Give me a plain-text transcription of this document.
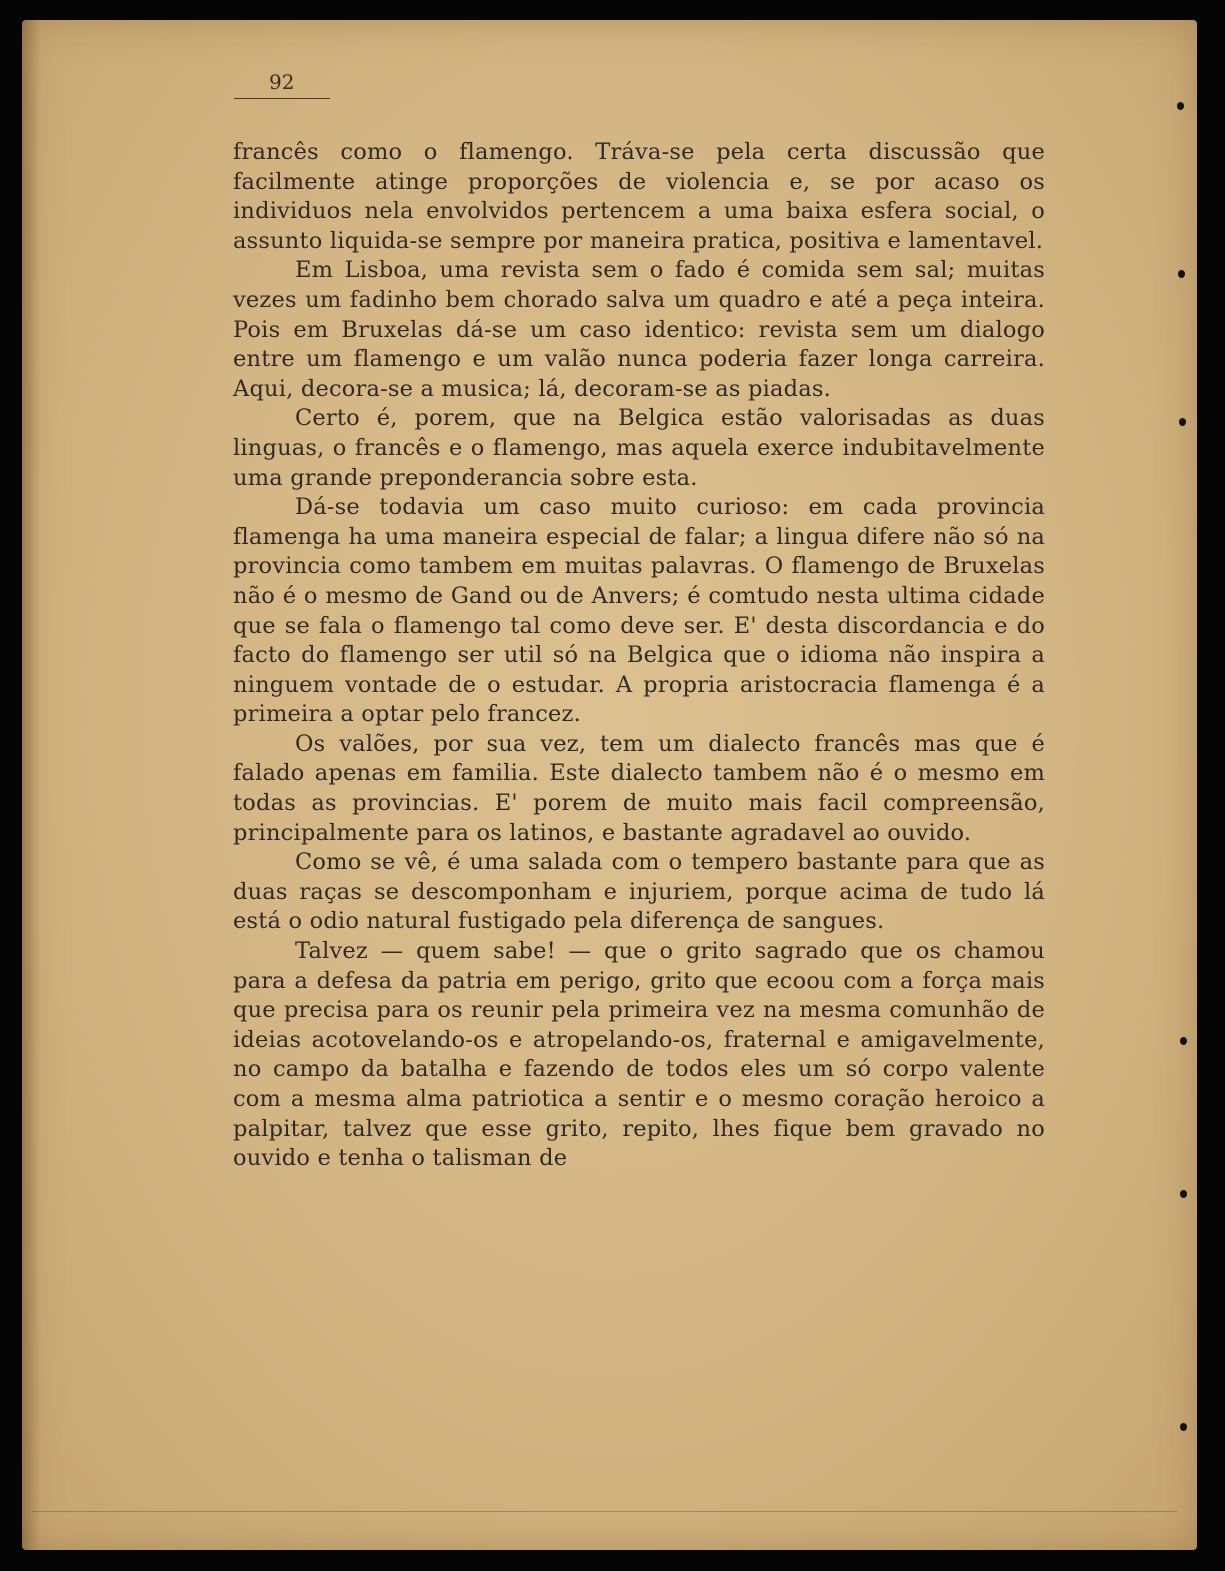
92

francês como o flamengo. Tráva-se pela certa discussão que facilmente atinge proporções de violencia e, se por acaso os individuos nela envolvidos pertencem a uma baixa esfera social, o assunto liquida-se sempre por maneira pratica, positiva e lamentavel.

Em Lisboa, uma revista sem o fado é comida sem sal; muitas vezes um fadinho bem chorado salva um quadro e até a peça inteira. Pois em Bruxelas dá-se um caso identico: revista sem um dialogo entre um flamengo e um valão nunca poderia fazer longa carreira. Aqui, decora-se a musica; lá, decoram-se as piadas.

Certo é, porem, que na Belgica estão valorisadas as duas linguas, o francês e o flamengo, mas aquela exerce indubitavelmente uma grande preponderancia sobre esta.

Dá-se todavia um caso muito curioso: em cada provincia flamenga ha uma maneira especial de falar; a lingua difere não só na provincia como tambem em muitas palavras. O flamengo de Bruxelas não é o mesmo de Gand ou de Anvers; é comtudo nesta ultima cidade que se fala o flamengo tal como deve ser. E' desta discordancia e do facto do flamengo ser util só na Belgica que o idioma não inspira a ninguem vontade de o estudar. A propria aristocracia flamenga é a primeira a optar pelo francez.

Os valões, por sua vez, tem um dialecto francês mas que é falado apenas em familia. Este dialecto tambem não é o mesmo em todas as provincias. E' porem de muito mais facil compreensão, principalmente para os latinos, e bastante agradavel ao ouvido.

Como se vê, é uma salada com o tempero bastante para que as duas raças se descomponham e injuriem, porque acima de tudo lá está o odio natural fustigado pela diferença de sangues.

Talvez — quem sabe! — que o grito sagrado que os chamou para a defesa da patria em perigo, grito que ecoou com a força mais que precisa para os reunir pela primeira vez na mesma comunhão de ideias acotovelando-os e atropelando-os, fraternal e amigavelmente, no campo da batalha e fazendo de todos eles um só corpo valente com a mesma alma patriotica a sentir e o mesmo coração heroico a palpitar, talvez que esse grito, repito, lhes fique bem gravado no ouvido e tenha o talisman de
